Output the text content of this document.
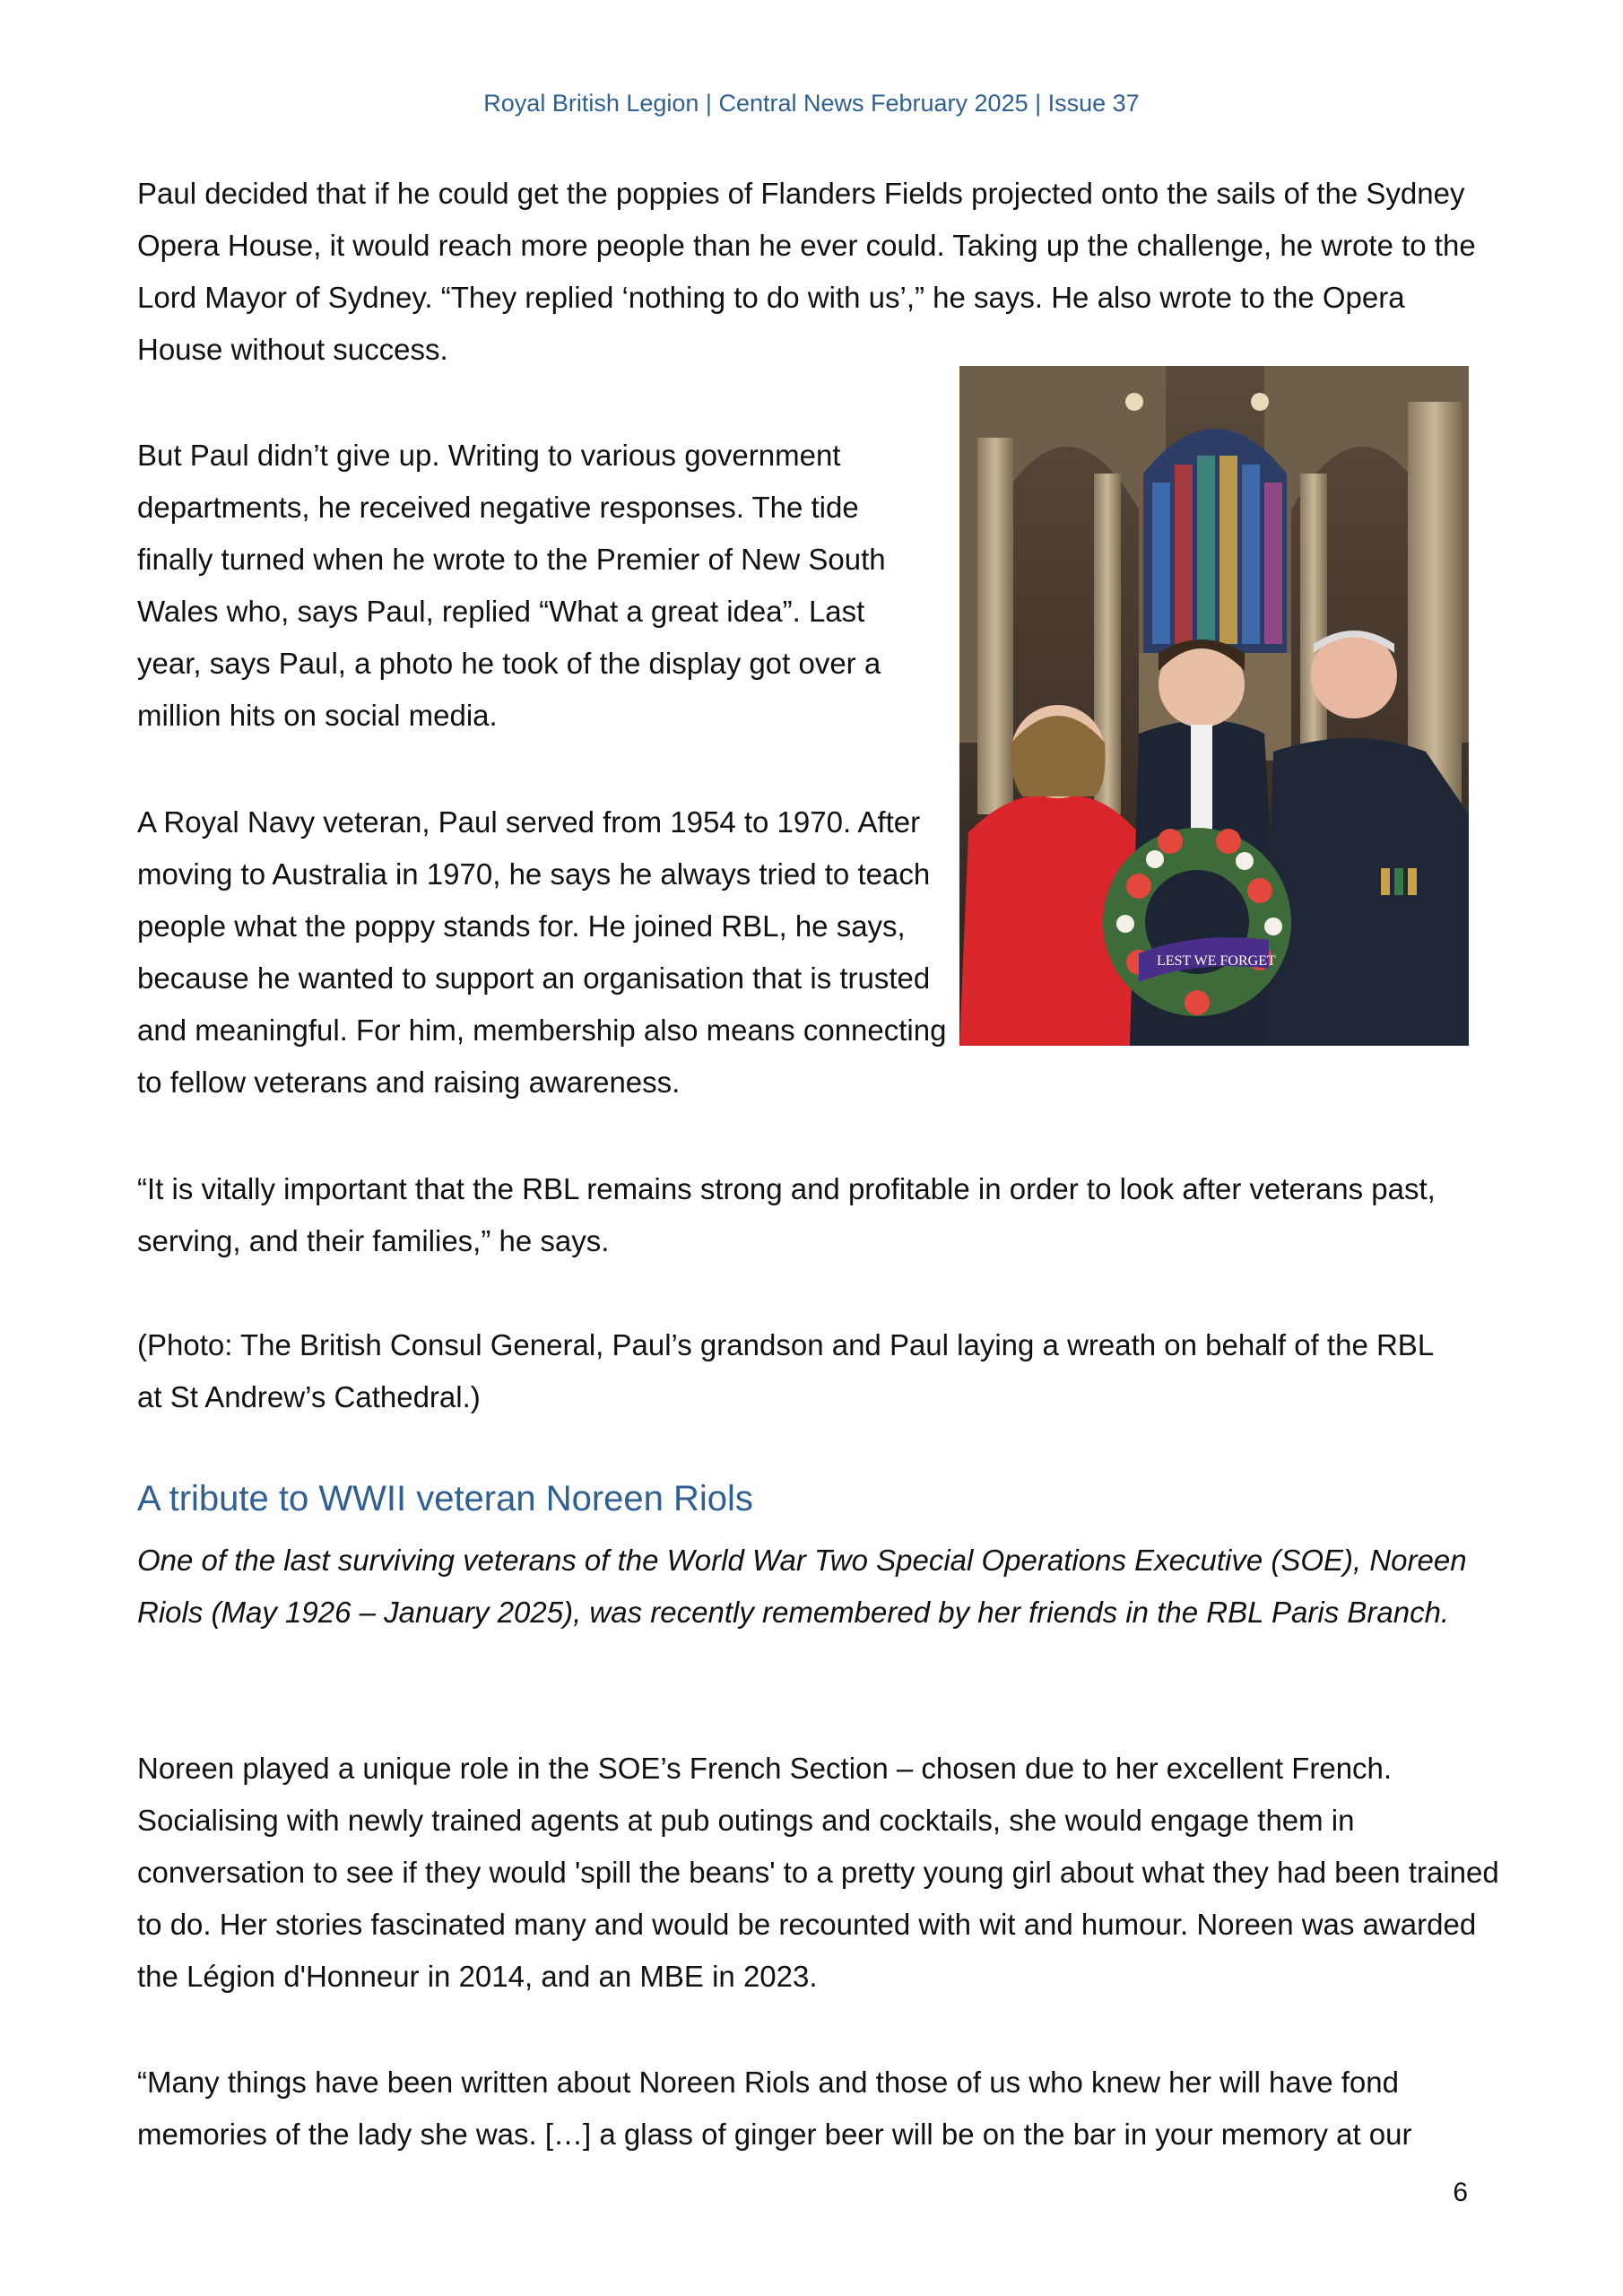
Royal British Legion | Central News February 2025 | Issue 37

Paul decided that if he could get the poppies of Flanders Fields projected onto the sails of the Sydney Opera House, it would reach more people than he ever could. Taking up the challenge, he wrote to the Lord Mayor of Sydney. “They replied ‘nothing to do with us’,” he says. He also wrote to the Opera House without success.

But Paul didn’t give up. Writing to various government departments, he received negative responses. The tide finally turned when he wrote to the Premier of New South Wales who, says Paul, replied “What a great idea”. Last year, says Paul, a photo he took of the display got over a million hits on social media.

A Royal Navy veteran, Paul served from 1954 to 1970. After moving to Australia in 1970, he says he always tried to teach people what the poppy stands for. He joined RBL, he says, because he wanted to support an organisation that is trusted and meaningful. For him, membership also means connecting to fellow veterans and raising awareness.

“It is vitally important that the RBL remains strong and profitable in order to look after veterans past, serving, and their families,” he says.

(Photo: The British Consul General, Paul’s grandson and Paul laying a wreath on behalf of the RBL at St Andrew’s Cathedral.)

LEST WE FORGET
A tribute to WWII veteran Noreen Riols

One of the last surviving veterans of the World War Two Special Operations Executive (SOE), Noreen Riols (May 1926 – January 2025), was recently remembered by her friends in the RBL Paris Branch.

Noreen played a unique role in the SOE’s French Section – chosen due to her excellent French. Socialising with newly trained agents at pub outings and cocktails, she would engage them in conversation to see if they would 'spill the beans' to a pretty young girl about what they had been trained to do. Her stories fascinated many and would be recounted with wit and humour. Noreen was awarded the Légion d'Honneur in 2014, and an MBE in 2023.

“Many things have been written about Noreen Riols and those of us who knew her will have fond memories of the lady she was. […] a glass of ginger beer will be on the bar in your memory at our

6
